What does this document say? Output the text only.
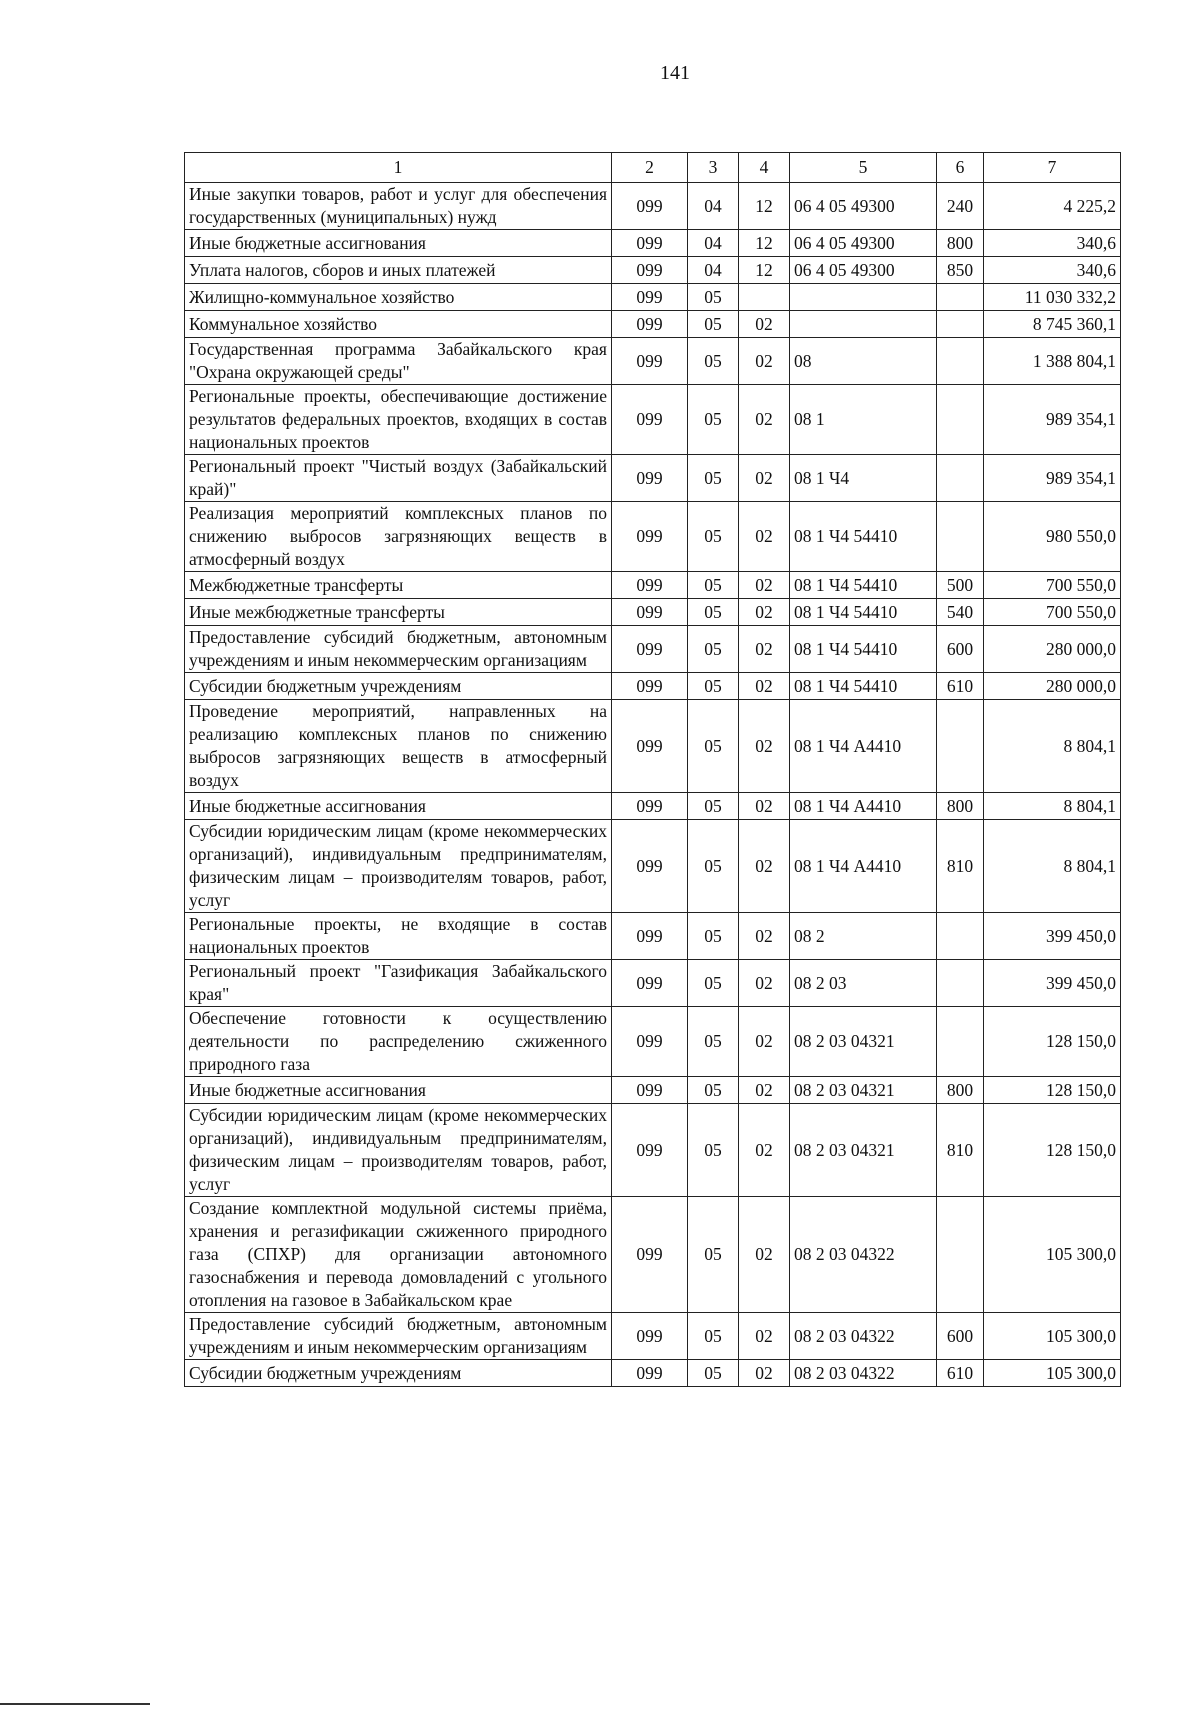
141
1	2	3	4	5	6	7
Иные закупки товаров, работ и услуг для обеспечения государственных (муниципальных) нужд	099	04	12	06 4 05 49300	240	4 225,2
Иные бюджетные ассигнования	099	04	12	06 4 05 49300	800	340,6
Уплата налогов, сборов и иных платежей	099	04	12	06 4 05 49300	850	340,6
Жилищно-коммунальное хозяйство	099	05				11 030 332,2
Коммунальное хозяйство	099	05	02			8 745 360,1
Государственная программа Забайкальского края "Охрана окружающей среды"	099	05	02	08		1 388 804,1
Региональные проекты, обеспечивающие достижение результатов федеральных проектов, входящих в состав национальных проектов	099	05	02	08 1		989 354,1
Региональный проект "Чистый воздух (Забайкальский край)"	099	05	02	08 1 Ч4		989 354,1
Реализация мероприятий комплексных планов по снижению выбросов загрязняющих веществ в атмосферный воздух	099	05	02	08 1 Ч4 54410		980 550,0
Межбюджетные трансферты	099	05	02	08 1 Ч4 54410	500	700 550,0
Иные межбюджетные трансферты	099	05	02	08 1 Ч4 54410	540	700 550,0
Предоставление субсидий бюджетным, автономным учреждениям и иным некоммерческим организациям	099	05	02	08 1 Ч4 54410	600	280 000,0
Субсидии бюджетным учреждениям	099	05	02	08 1 Ч4 54410	610	280 000,0
Проведение мероприятий, направленных на реализацию комплексных планов по снижению выбросов загрязняющих веществ в атмосферный воздух	099	05	02	08 1 Ч4 А4410		8 804,1
Иные бюджетные ассигнования	099	05	02	08 1 Ч4 А4410	800	8 804,1
Субсидии юридическим лицам (кроме некоммерческих организаций), индивидуальным предпринимателям, физическим лицам – производителям товаров, работ, услуг	099	05	02	08 1 Ч4 А4410	810	8 804,1
Региональные проекты, не входящие в состав национальных проектов	099	05	02	08 2		399 450,0
Региональный проект "Газификация Забайкальского края"	099	05	02	08 2 03		399 450,0
Обеспечение готовности к осуществлению деятельности по распределению сжиженного природного газа	099	05	02	08 2 03 04321		128 150,0
Иные бюджетные ассигнования	099	05	02	08 2 03 04321	800	128 150,0
Субсидии юридическим лицам (кроме некоммерческих организаций), индивидуальным предпринимателям, физическим лицам – производителям товаров, работ, услуг	099	05	02	08 2 03 04321	810	128 150,0
Создание комплектной модульной системы приёма, хранения и регазификации сжиженного природного газа (СПХР) для организации автономного газоснабжения и перевода домовладений с угольного отопления на газовое в Забайкальском крае	099	05	02	08 2 03 04322		105 300,0
Предоставление субсидий бюджетным, автономным учреждениям и иным некоммерческим организациям	099	05	02	08 2 03 04322	600	105 300,0
Субсидии бюджетным учреждениям	099	05	02	08 2 03 04322	610	105 300,0
